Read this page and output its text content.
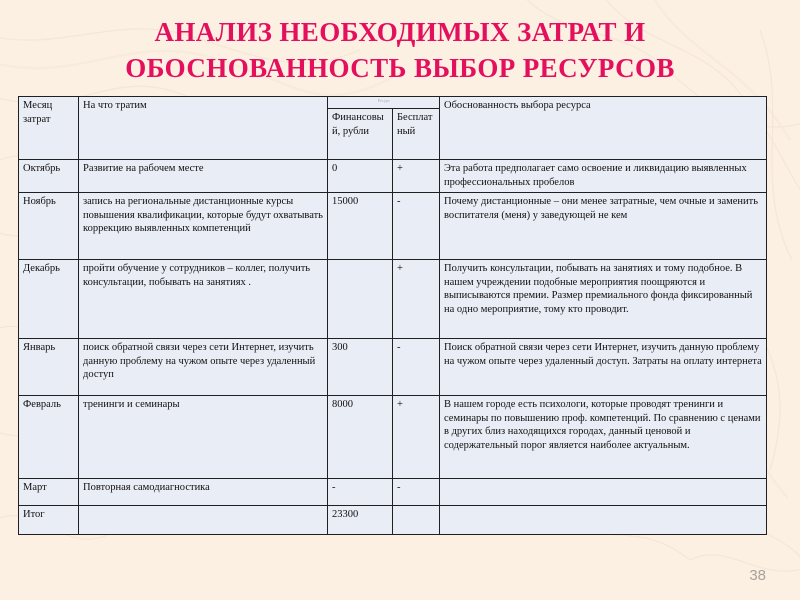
АНАЛИЗ НЕОБХОДИМЫХ ЗАТРАТ И
ОБОСНОВАННОСТЬ ВЫБОР РЕСУРСОВ
Месяц затрат	На что тратим	Ресурс		Обоснованность выбора ресурса
		Финансовый, рубли	Бесплатный	
Октябрь	Развитие на рабочем месте	0	+	Эта работа предполагает само освоение и ликвидацию выявленных профессиональных пробелов
Ноябрь	запись на региональные дистанционные курсы повышения квалификации, которые будут охватывать коррекцию выявленных компетенций	15000	-	Почему дистанционные – они менее затратные, чем очные и заменить воспитателя (меня) у заведующей не кем
Декабрь	пройти обучение у сотрудников – коллег, получить консультации, побывать на занятиях .		+	Получить консультации, побывать на занятиях и тому подобное. В нашем учреждении подобные мероприятия поощряются и выписываются премии. Размер премиального фонда фиксированный на одно мероприятие, тому кто проводит.
Январь	поиск обратной связи через сети Интернет, изучить данную проблему на чужом опыте через удаленный доступ	300	-	Поиск обратной связи через сети Интернет, изучить данную проблему на чужом опыте через удаленный доступ. Затраты на оплату интернета
Февраль	тренинги и семинары	8000	+	В нашем городе есть психологи, которые проводят тренинги и семинары по повышению проф. компетенций. По сравнению с ценами в других близ находящихся городах, данный ценовой и содержательный порог является наиболее актуальным.
Март	Повторная самодиагностика	-	-	
Итог		23300		
38
